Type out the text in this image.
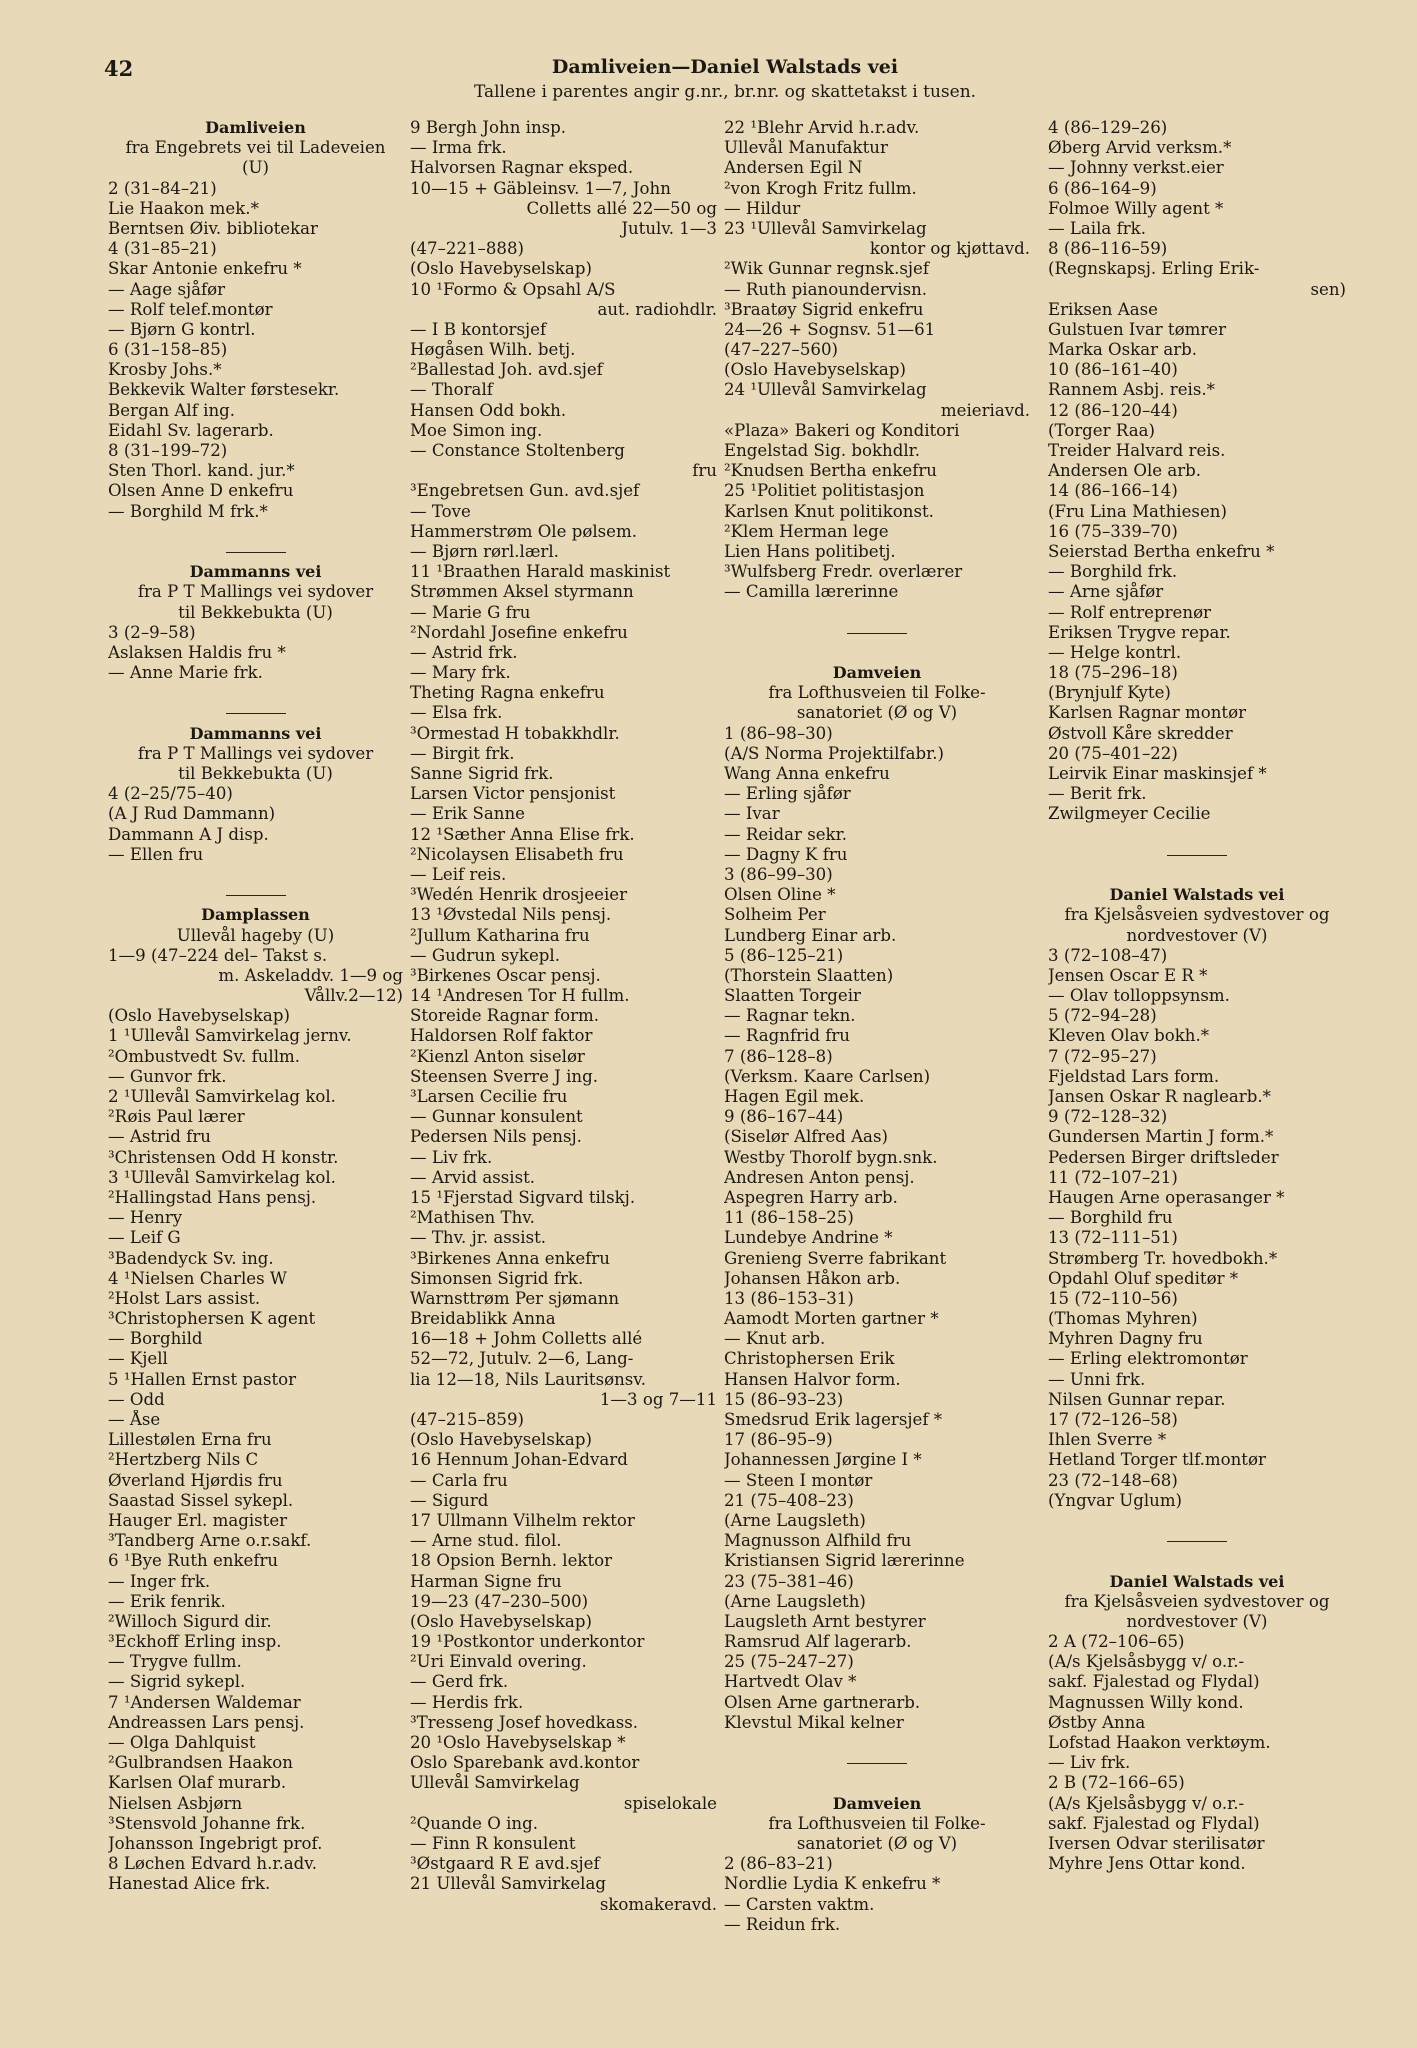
42	Damliveien—Daniel Walstads vei
Tallene i parentes angir g.nr., br.nr. og skattetakst i tusen.
Damliveien
fra Engebrets vei til Ladeveien
(U)
2 (31–84–21)
Lie Haakon mek.*
Berntsen Øiv. bibliotekar
4 (31–85–21)
Skar Antonie enkefru *
— Aage sjåfør
— Rolf telef.montør
— Bjørn G kontrl.
6 (31–158–85)
Krosby Johs.*
Bekkevik Walter førstesekr.
Bergan Alf ing.
Eidahl Sv. lagerarb.
8 (31–199–72)
Sten Thorl. kand. jur.*
Olsen Anne D enkefru
— Borghild M frk.*
Dammanns vei
fra P T Mallings vei sydover
til Bekkebukta (U)
3 (2–9–58)
Aslaksen Haldis fru *
— Anne Marie frk.
Dammanns vei
fra P T Mallings vei sydover
til Bekkebukta (U)
4 (2–25/75–40)
(A J Rud Dammann)
Dammann A J disp.
— Ellen fru
Damplassen
Ullevål hageby (U)
1—9 (47–224 del– Takst s.
m. Askeladdv. 1—9 og
Vållv.2—12)
(Oslo Havebyselskap)
1 ¹Ullevål Samvirkelag jernv.
²Ombustvedt Sv. fullm.
— Gunvor frk.
2 ¹Ullevål Samvirkelag kol.
²Røis Paul lærer
— Astrid fru
³Christensen Odd H konstr.
3 ¹Ullevål Samvirkelag kol.
²Hallingstad Hans pensj.
— Henry
— Leif G
³Badendyck Sv. ing.
4 ¹Nielsen Charles W
²Holst Lars assist.
³Christophersen K agent
— Borghild
— Kjell
5 ¹Hallen Ernst pastor
— Odd
— Åse
Lillestølen Erna fru
²Hertzberg Nils C
Øverland Hjørdis fru
Saastad Sissel sykepl.
Hauger Erl. magister
³Tandberg Arne o.r.sakf.
6 ¹Bye Ruth enkefru
— Inger frk.
— Erik fenrik.
²Willoch Sigurd dir.
³Eckhoff Erling insp.
— Trygve fullm.
— Sigrid sykepl.
7 ¹Andersen Waldemar
Andreassen Lars pensj.
— Olga Dahlquist
²Gulbrandsen Haakon
Karlsen Olaf murarb.
Nielsen Asbjørn
³Stensvold Johanne frk.
Johansson Ingebrigt prof.
8 Løchen Edvard h.r.adv.
Hanestad Alice frk.
9 Bergh John insp.
— Irma frk.
Halvorsen Ragnar eksped.
10—15 + Gäbleinsv. 1—7, John
Colletts allé 22—50 og
Jutulv. 1—3
(47–221–888)
(Oslo Havebyselskap)
10 ¹Formo & Opsahl A/S
aut. radiohdlr.
— I B kontorsjef
Høgåsen Wilh. betj.
²Ballestad Joh. avd.sjef
— Thoralf
Hansen Odd bokh.
Moe Simon ing.
— Constance Stoltenberg
fru
³Engebretsen Gun. avd.sjef
— Tove
Hammerstrøm Ole pølsem.
— Bjørn rørl.lærl.
11 ¹Braathen Harald maskinist
Strømmen Aksel styrmann
— Marie G fru
²Nordahl Josefine enkefru
— Astrid frk.
— Mary frk.
Theting Ragna enkefru
— Elsa frk.
³Ormestad H tobakkhdlr.
— Birgit frk.
Sanne Sigrid frk.
Larsen Victor pensjonist
— Erik Sanne
12 ¹Sæther Anna Elise frk.
²Nicolaysen Elisabeth fru
— Leif reis.
³Wedén Henrik drosjeeier
13 ¹Øvstedal Nils pensj.
²Jullum Katharina fru
— Gudrun sykepl.
³Birkenes Oscar pensj.
14 ¹Andresen Tor H fullm.
Storeide Ragnar form.
Haldorsen Rolf faktor
²Kienzl Anton siselør
Steensen Sverre J ing.
³Larsen Cecilie fru
— Gunnar konsulent
Pedersen Nils pensj.
— Liv frk.
— Arvid assist.
15 ¹Fjerstad Sigvard tilskj.
²Mathisen Thv.
— Thv. jr. assist.
³Birkenes Anna enkefru
Simonsen Sigrid frk.
Warnsttrøm Per sjømann
Breidablikk Anna
16—18 + Johm Colletts allé
52—72, Jutulv. 2—6, Lang-
lia 12—18, Nils Lauritsønsv.
1—3 og 7—11
(47–215–859)
(Oslo Havebyselskap)
16 Hennum Johan-Edvard
— Carla fru
— Sigurd
17 Ullmann Vilhelm rektor
— Arne stud. filol.
18 Opsion Bernh. lektor
Harman Signe fru
19—23 (47–230–500)
(Oslo Havebyselskap)
19 ¹Postkontor underkontor
²Uri Einvald overing.
— Gerd frk.
— Herdis frk.
³Tresseng Josef hovedkass.
20 ¹Oslo Havebyselskap *
Oslo Sparebank avd.kontor
Ullevål Samvirkelag
spiselokale
²Quande O ing.
— Finn R konsulent
³Østgaard R E avd.sjef
21 Ullevål Samvirkelag
skomakeravd.
22 ¹Blehr Arvid h.r.adv.
Ullevål Manufaktur
Andersen Egil N
²von Krogh Fritz fullm.
— Hildur
23 ¹Ullevål Samvirkelag
kontor og kjøttavd.
²Wik Gunnar regnsk.sjef
— Ruth pianoundervisn.
³Braatøy Sigrid enkefru
24—26 + Sognsv. 51—61
(47–227–560)
(Oslo Havebyselskap)
24 ¹Ullevål Samvirkelag
meieriavd.
«Plaza» Bakeri og Konditori
Engelstad Sig. bokhdlr.
²Knudsen Bertha enkefru
25 ¹Politiet politistasjon
Karlsen Knut politikonst.
²Klem Herman lege
Lien Hans politibetj.
³Wulfsberg Fredr. overlærer
— Camilla lærerinne
Damveien
fra Lofthusveien til Folke-
sanatoriet (Ø og V)
1 (86–98–30)
(A/S Norma Projektilfabr.)
Wang Anna enkefru
— Erling sjåfør
— Ivar
— Reidar sekr.
— Dagny K fru
3 (86–99–30)
Olsen Oline *
Solheim Per
Lundberg Einar arb.
5 (86–125–21)
(Thorstein Slaatten)
Slaatten Torgeir
— Ragnar tekn.
— Ragnfrid fru
7 (86–128–8)
(Verksm. Kaare Carlsen)
Hagen Egil mek.
9 (86–167–44)
(Siselør Alfred Aas)
Westby Thorolf bygn.snk.
Andresen Anton pensj.
Aspegren Harry arb.
11 (86–158–25)
Lundebye Andrine *
Grenieng Sverre fabrikant
Johansen Håkon arb.
13 (86–153–31)
Aamodt Morten gartner *
— Knut arb.
Christophersen Erik
Hansen Halvor form.
15 (86–93–23)
Smedsrud Erik lagersjef *
17 (86–95–9)
Johannessen Jørgine I *
— Steen I montør
21 (75–408–23)
(Arne Laugsleth)
Magnusson Alfhild fru
Kristiansen Sigrid lærerinne
23 (75–381–46)
(Arne Laugsleth)
Laugsleth Arnt bestyrer
Ramsrud Alf lagerarb.
25 (75–247–27)
Hartvedt Olav *
Olsen Arne gartnerarb.
Klevstul Mikal kelner
Damveien
fra Lofthusveien til Folke-
sanatoriet (Ø og V)
2 (86–83–21)
Nordlie Lydia K enkefru *
— Carsten vaktm.
— Reidun frk.
4 (86–129–26)
Øberg Arvid verksm.*
— Johnny verkst.eier
6 (86–164–9)
Folmoe Willy agent *
— Laila frk.
8 (86–116–59)
(Regnskapsj. Erling Erik-
sen)
Eriksen Aase
Gulstuen Ivar tømrer
Marka Oskar arb.
10 (86–161–40)
Rannem Asbj. reis.*
12 (86–120–44)
(Torger Raa)
Treider Halvard reis.
Andersen Ole arb.
14 (86–166–14)
(Fru Lina Mathiesen)
16 (75–339–70)
Seierstad Bertha enkefru *
— Borghild frk.
— Arne sjåfør
— Rolf entreprenør
Eriksen Trygve repar.
— Helge kontrl.
18 (75–296–18)
(Brynjulf Kyte)
Karlsen Ragnar montør
Østvoll Kåre skredder
20 (75–401–22)
Leirvik Einar maskinsjef *
— Berit frk.
Zwilgmeyer Cecilie
Daniel Walstads vei
fra Kjelsåsveien sydvestover og
nordvestover (V)
3 (72–108–47)
Jensen Oscar E R *
— Olav tolloppsynsm.
5 (72–94–28)
Kleven Olav bokh.*
7 (72–95–27)
Fjeldstad Lars form.
Jansen Oskar R naglearb.*
9 (72–128–32)
Gundersen Martin J form.*
Pedersen Birger driftsleder
11 (72–107–21)
Haugen Arne operasanger *
— Borghild fru
13 (72–111–51)
Strømberg Tr. hovedbokh.*
Opdahl Oluf speditør *
15 (72–110–56)
(Thomas Myhren)
Myhren Dagny fru
— Erling elektromontør
— Unni frk.
Nilsen Gunnar repar.
17 (72–126–58)
Ihlen Sverre *
Hetland Torger tlf.montør
23 (72–148–68)
(Yngvar Uglum)
Daniel Walstads vei
fra Kjelsåsveien sydvestover og
nordvestover (V)
2 A (72–106–65)
(A/s Kjelsåsbygg v/ o.r.-
sakf. Fjalestad og Flydal)
Magnussen Willy kond.
Østby Anna
Lofstad Haakon verktøym.
— Liv frk.
2 B (72–166–65)
(A/s Kjelsåsbygg v/ o.r.-
sakf. Fjalestad og Flydal)
Iversen Odvar sterilisatør
Myhre Jens Ottar kond.
